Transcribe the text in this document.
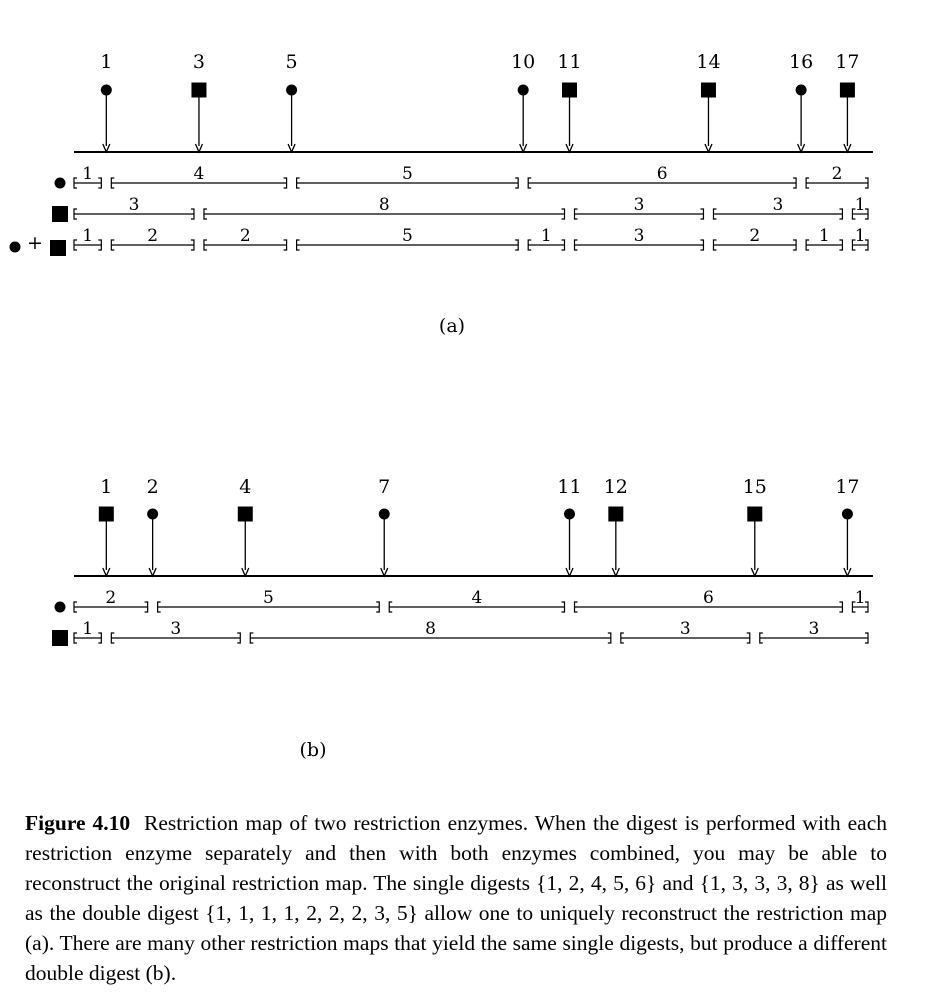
1	3	5	10 11	14	16 17
1	4	5	6	2
3	8	3	3	1
+ 1	2	2	5	1	3	2	1 1
(a)
1 2	4	7	11 12	15	17
2	5	4	6	1
1	3	8	3	3
(b)
Figure 4.10 Restriction map of two restriction enzymes. When the digest is performed with each restriction enzyme separately and then with both enzymes combined, you may be able to reconstruct the original restriction map. The single digests {1, 2, 4, 5, 6} and {1, 3, 3, 3, 8} as well as the double digest {1, 1, 1, 1, 2, 2, 2, 3, 5} allow one to uniquely reconstruct the restriction map (a). There are many other restriction maps that yield the same single digests, but produce a different double digest (b).
